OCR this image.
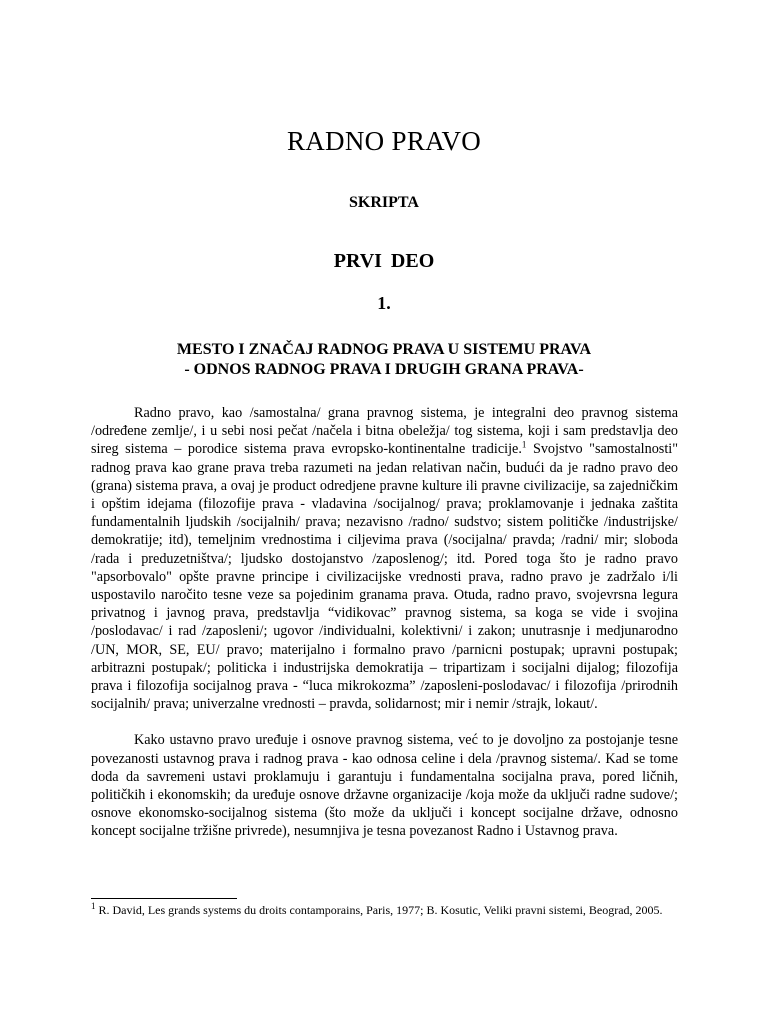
RADNO PRAVO
SKRIPTA
PRVI DEO
1.
MESTO I ZNAČAJ RADNOG PRAVA U SISTEMU PRAVA
- ODNOS RADNOG PRAVA I DRUGIH GRANA PRAVA-

Radno pravo, kao /samostalna/ grana pravnog sistema, je integralni deo pravnog sistema /određene zemlje/, i u sebi nosi pečat /načela i bitna obeležja/ tog sistema, koji i sam predstavlja deo sireg sistema – porodice sistema prava evropsko-kontinentalne tradicije.$^1$ Svojstvo "samostalnosti" radnog prava kao grane prava treba razumeti na jedan relativan način, budući da je radno pravo deo (grana) sistema prava, a ovaj je product odredjene pravne kulture ili pravne civilizacije, sa zajedničkim i opštim idejama (filozofije prava - vladavina /socijalnog/ prava; proklamovanje i jednaka zaštita fundamentalnih ljudskih /socijalnih/ prava; nezavisno /radno/ sudstvo; sistem političke /industrijske/ demokratije; itd), temeljnim vrednostima i ciljevima prava (/socijalna/ pravda; /radni/ mir; sloboda /rada i preduzetništva/; ljudsko dostojanstvo /zaposlenog/; itd. Pored toga što je radno pravo "apsorbovalo" opšte pravne principe i civilizacijske vrednosti prava, radno pravo je zadržalo i/li uspostavilo naročito tesne veze sa pojedinim granama prava. Otuda, radno pravo, svojevrsna legura privatnog i javnog prava, predstavlja “vidikovac” pravnog sistema, sa koga se vide i svojina /poslodavac/ i rad /zaposleni/; ugovor /individualni, kolektivni/ i zakon; unutrasnje i medjunarodno /UN, MOR, SE, EU/ pravo; materijalno i formalno pravo /parnicni postupak; upravni postupak; arbitrazni postupak/; politicka i industrijska demokratija – tripartizam i socijalni dijalog; filozofija prava i filozofija socijalnog prava - “luca mikrokozma” /zaposleni-poslodavac/ i filozofija /prirodnih socijalnih/ prava; univerzalne vrednosti – pravda, solidarnost; mir i nemir /strajk, lokaut/.

Kako ustavno pravo uređuje i osnove pravnog sistema, već to je dovoljno za postojanje tesne povezanosti ustavnog prava i radnog prava - kao odnosa celine i dela /pravnog sistema/. Kad se tome doda da savremeni ustavi proklamuju i garantuju i fundamentalna socijalna prava, pored ličnih, političkih i ekonomskih; da uređuje osnove državne organizacije /koja može da uključi radne sudove/; osnove ekonomsko-socijalnog sistema (što može da uključi i koncept socijalne države, odnosno koncept socijalne tržišne privrede), nesumnjiva je tesna povezanost Radno i Ustavnog prava.

$^1$ R. David, Les grands systems du droits contamporains, Paris, 1977; B. Kosutic, Veliki pravni sistemi, Beograd, 2005.
